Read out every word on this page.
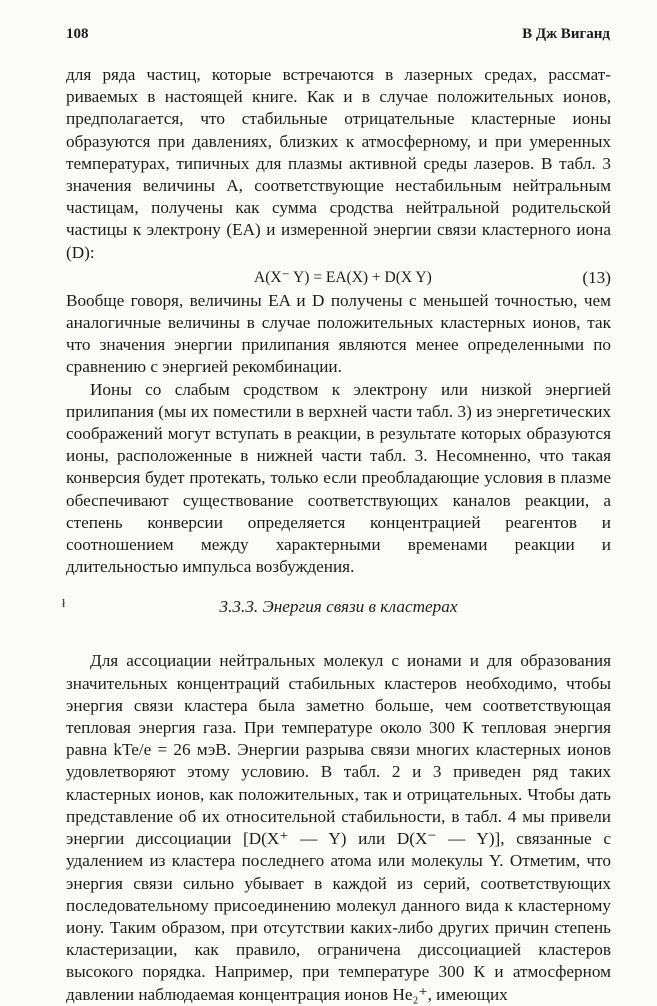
108	В Дж Виганд

для ряда частиц, которые встречаются в лазерных средах, рассматриваемых в настоящей книге. Как и в случае положительных ионов, предполагается, что стабильные отрицательные кластерные ионы образуются при давлениях, близких к атмосферному, и при умеренных температурах, типичных для плазмы активной среды лазеров. В табл. 3 значения величины A, соответствующие нестабильным нейтральным частицам, получены как сумма сродства нейтральной родительской частицы к электрону (EA) и измеренной энергии связи кластерного иона (D):

A(X⁻ Y) = EA(X) + D(X Y)	(13)

Вообще говоря, величины EA и D получены с меньшей точностью, чем аналогичные величины в случае положительных кластерных ионов, так что значения энергии прилипания являются менее определенными по сравнению с энергией рекомбинации.

Ионы со слабым сродством к электрону или низкой энергией прилипания (мы их поместили в верхней части табл. 3) из энергетических соображений могут вступать в реакции, в результате которых образуются ионы, расположенные в нижней части табл. 3. Несомненно, что такая конверсия будет протекать, только если преобладающие условия в плазме обеспечивают существование соответствующих каналов реакции, а степень конверсии определяется концентрацией реагентов и соотношением между характерными временами реакции и длительностью импульса возбуждения.

ł	3.3.3. Энергия связи в кластерах

Для ассоциации нейтральных молекул с ионами и для образования значительных концентраций стабильных кластеров необходимо, чтобы энергия связи кластера была заметно больше, чем соответствующая тепловая энергия газа. При температуре около 300 К тепловая энергия равна kTe/e = 26 мэВ. Энергии разрыва связи многих кластерных ионов удовлетворяют этому условию. В табл. 2 и 3 приведен ряд таких кластерных ионов, как положительных, так и отрицательных. Чтобы дать представление об их относительной стабильности, в табл. 4 мы привели энергии диссоциации [D(X⁺ — Y) или D(X⁻ — Y)], связанные с удалением из кластера последнего атома или молекулы Y. Отметим, что энергия связи сильно убывает в каждой из серий, соответствующих последовательному присоединению молекул данного вида к кластерному иону. Таким образом, при отсутствии каких-либо других причин степень кластеризации, как правило, ограничена диссоциацией кластеров высокого порядка. Например, при температуре 300 К и атмосферном давлении наблюдаемая концентрация ионов He₂⁺, имеющих
